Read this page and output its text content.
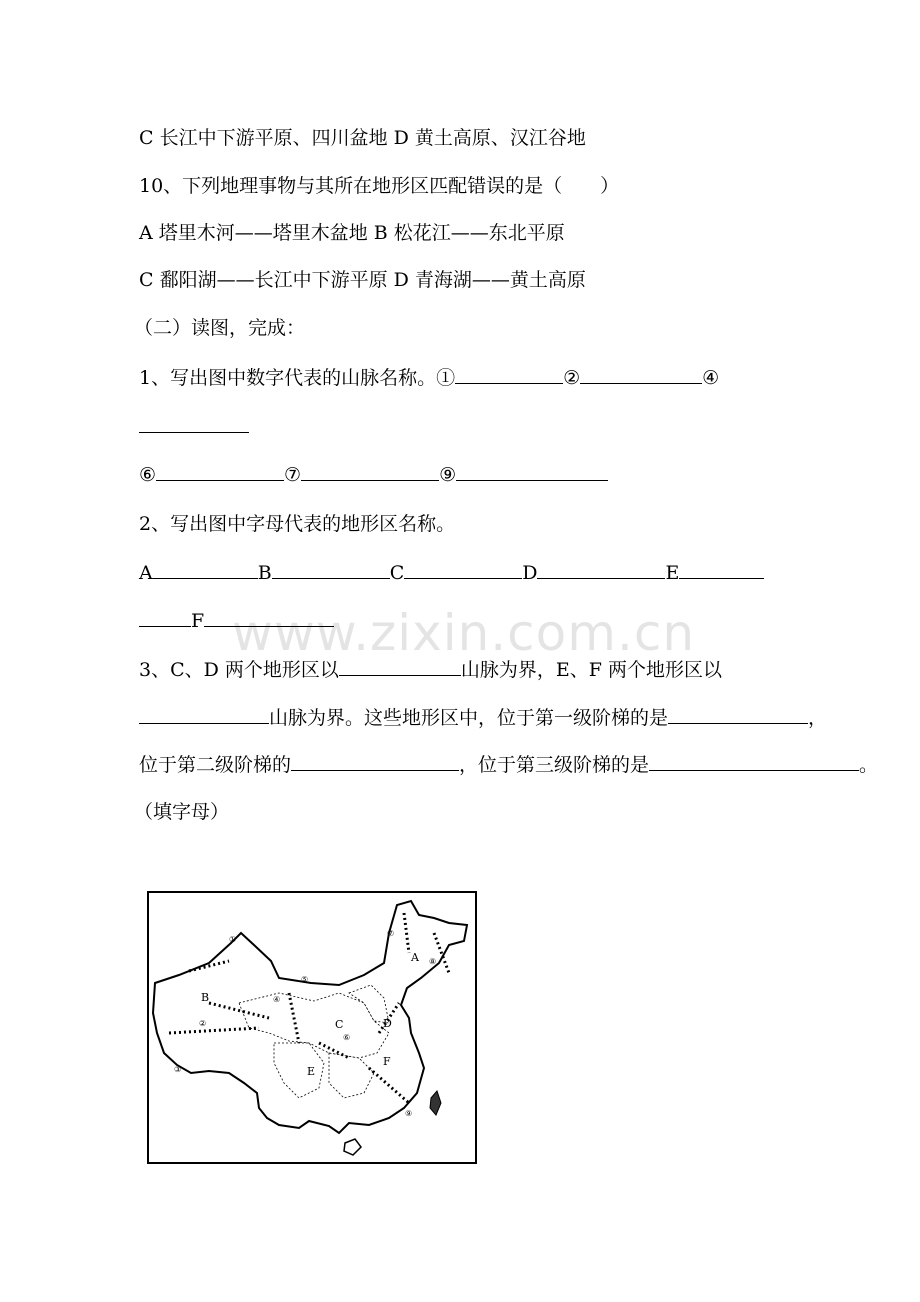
www.zixin.com.cn
C 长江中下游平原、四川盆地 D 黄土高原、汉江谷地
10、下列地理事物与其所在地形区匹配错误的是（　　）
A 塔里木河——塔里木盆地 B 松花江——东北平原
C 鄱阳湖——长江中下游平原 D 青海湖——黄土高原
（二）读图，完成：
1、写出图中数字代表的山脉名称。①	②	④
⑥	⑦	⑨
2、写出图中字母代表的地形区名称。
A	B	C	D	E
F
3、C、D 两个地形区以	山脉为界，E、F 两个地形区以
山脉为界。这些地形区中，位于第一级阶梯的是	，
位于第二级阶梯的	，位于第三级阶梯的是	。
（填字母）
A
B
C	D
E
F
①
②
③
④
⑤
⑥
⑦
⑧
⑨
